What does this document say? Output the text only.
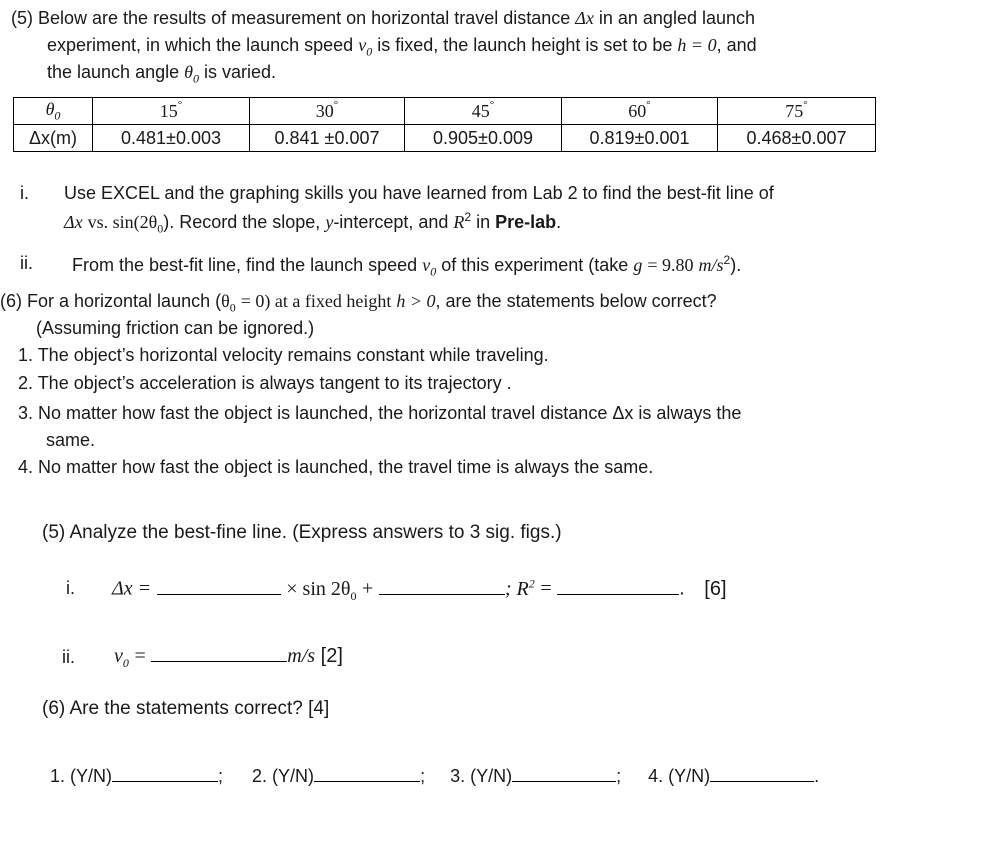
(5) Below are the results of measurement on horizontal travel distance Δx in an angled launch
experiment, in which the launch speed $v_0$ is fixed, the launch height is set to be h = 0, and
the launch angle $\theta_0$ is varied.
$\theta_0$	15°	30°	45°	60°	75°
Δx(m)	0.481±0.003	0.841 ±0.007	0.905±0.009	0.819±0.001	0.468±0.007
i. Use EXCEL and the graphing skills you have learned from Lab 2 to find the best-fit line of
Δx vs. $\sin(2\theta_0)$. Record the slope, y-intercept, and $R^2$ in Pre-lab.
ii. From the best-fit line, find the launch speed $v_0$ of this experiment (take g = 9.80 $m/s^2$).
(6) For a horizontal launch $(\theta_0 = 0)$ at a fixed height h > 0, are the statements below correct?
(Assuming friction can be ignored.)
1. The object’s horizontal velocity remains constant while traveling.
2. The object’s acceleration is always tangent to its trajectory .
3. No matter how fast the object is launched, the horizontal travel distance Δx is always the
same.
4. No matter how fast the object is launched, the travel time is always the same.
(5) Analyze the best-fine line. (Express answers to 3 sig. figs.)
i. Δx =	× $\sin 2\theta_0$ +	; $R^2$ =	. [6]
ii. $v_0$ =	m/s [2]
(6) Are the statements correct? [4]
1. (Y/N)	; 2. (Y/N)	; 3. (Y/N)	; 4. (Y/N)	.
